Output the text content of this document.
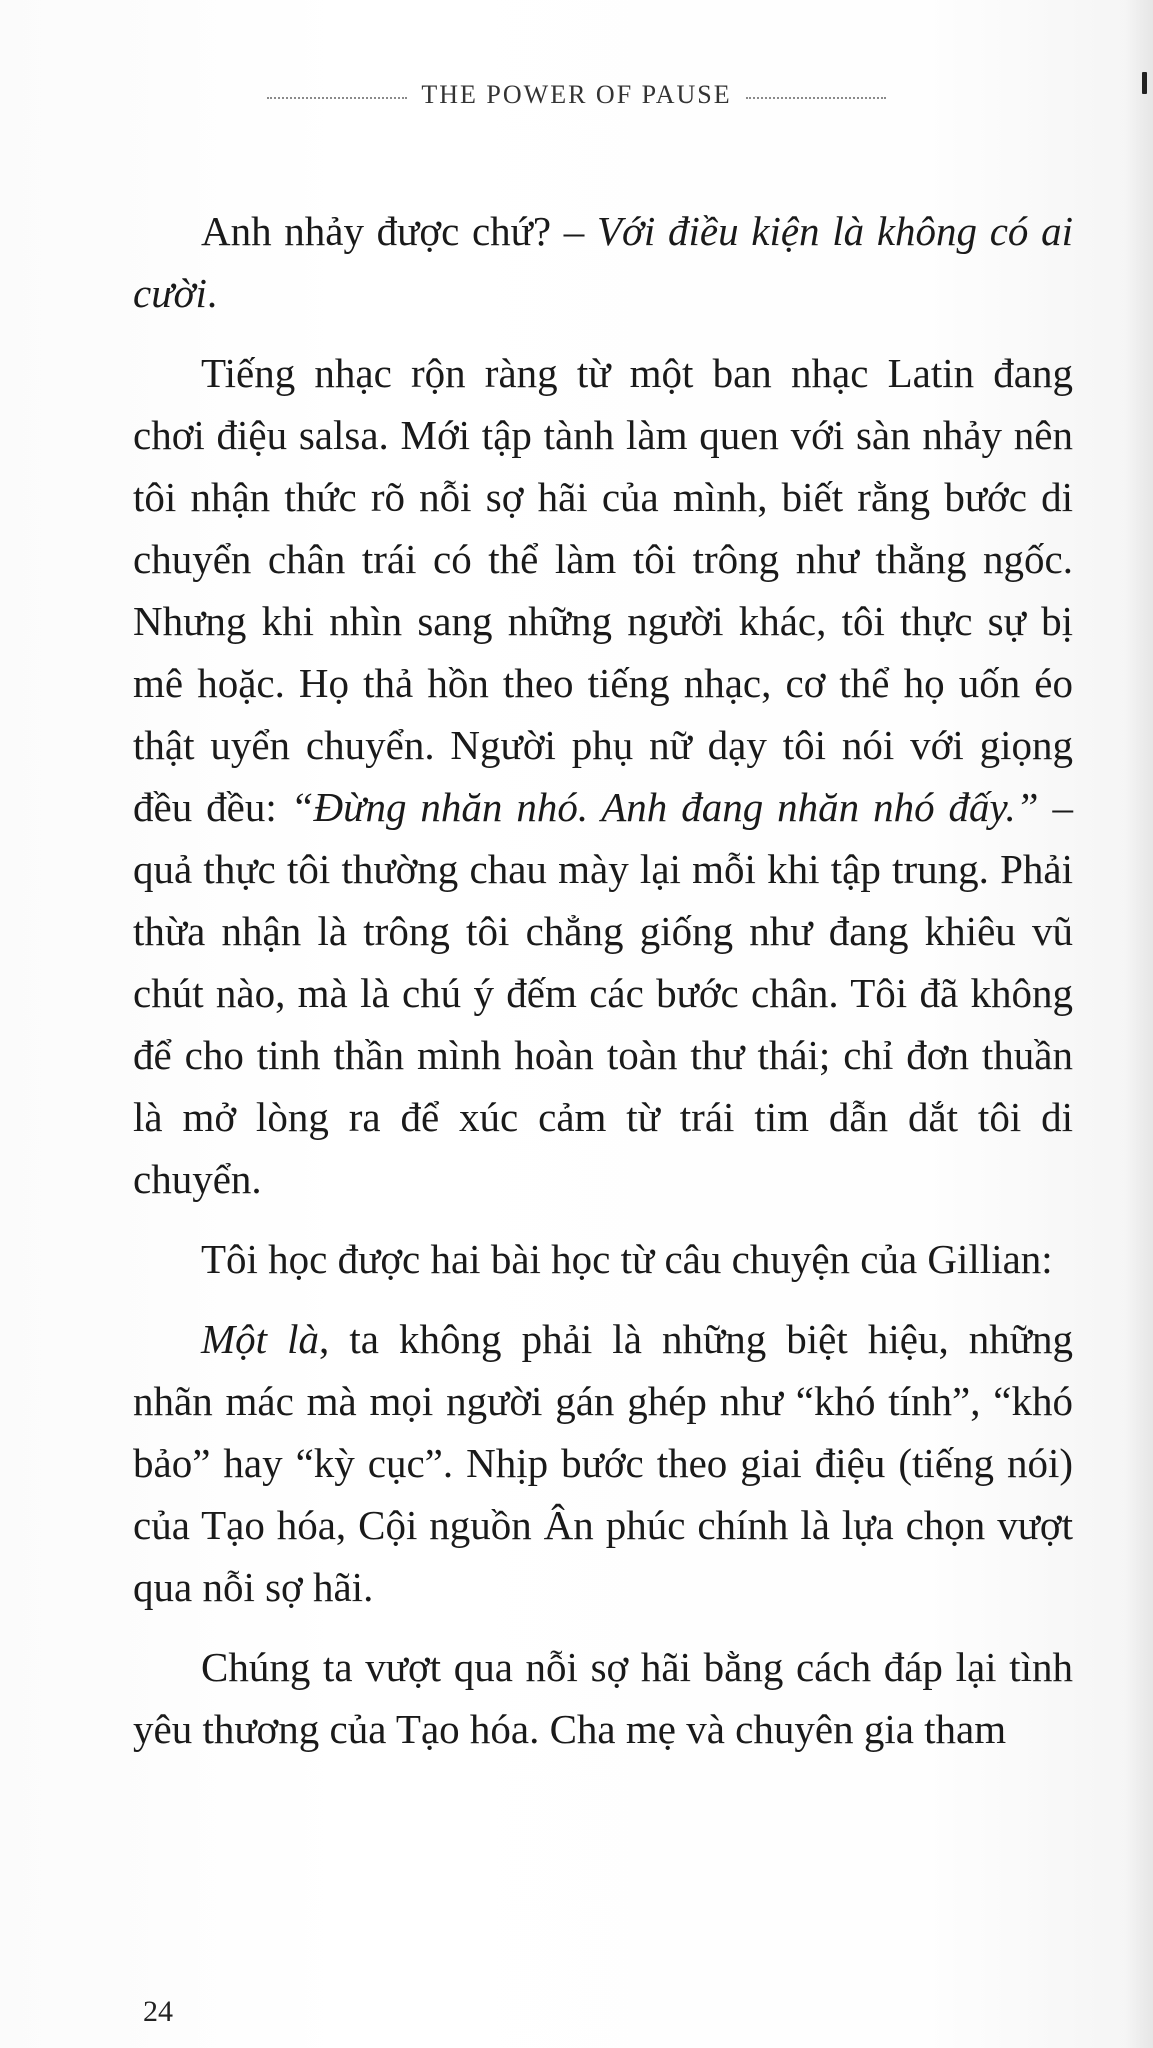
THE POWER OF PAUSE

Anh nhảy được chứ? – Với điều kiện là không có ai cười.

Tiếng nhạc rộn ràng từ một ban nhạc Latin đang chơi điệu salsa. Mới tập tành làm quen với sàn nhảy nên tôi nhận thức rõ nỗi sợ hãi của mình, biết rằng bước di chuyển chân trái có thể làm tôi trông như thằng ngốc. Nhưng khi nhìn sang những người khác, tôi thực sự bị mê hoặc. Họ thả hồn theo tiếng nhạc, cơ thể họ uốn éo thật uyển chuyển. Người phụ nữ dạy tôi nói với giọng đều đều: “Đừng nhăn nhó. Anh đang nhăn nhó đấy.” – quả thực tôi thường chau mày lại mỗi khi tập trung. Phải thừa nhận là trông tôi chẳng giống như đang khiêu vũ chút nào, mà là chú ý đếm các bước chân. Tôi đã không để cho tinh thần mình hoàn toàn thư thái; chỉ đơn thuần là mở lòng ra để xúc cảm từ trái tim dẫn dắt tôi di chuyển.

Tôi học được hai bài học từ câu chuyện của Gillian:

Một là, ta không phải là những biệt hiệu, những nhãn mác mà mọi người gán ghép như “khó tính”, “khó bảo” hay “kỳ cục”. Nhịp bước theo giai điệu (tiếng nói) của Tạo hóa, Cội nguồn Ân phúc chính là lựa chọn vượt qua nỗi sợ hãi.

Chúng ta vượt qua nỗi sợ hãi bằng cách đáp lại tình yêu thương của Tạo hóa. Cha mẹ và chuyên gia tham

24
